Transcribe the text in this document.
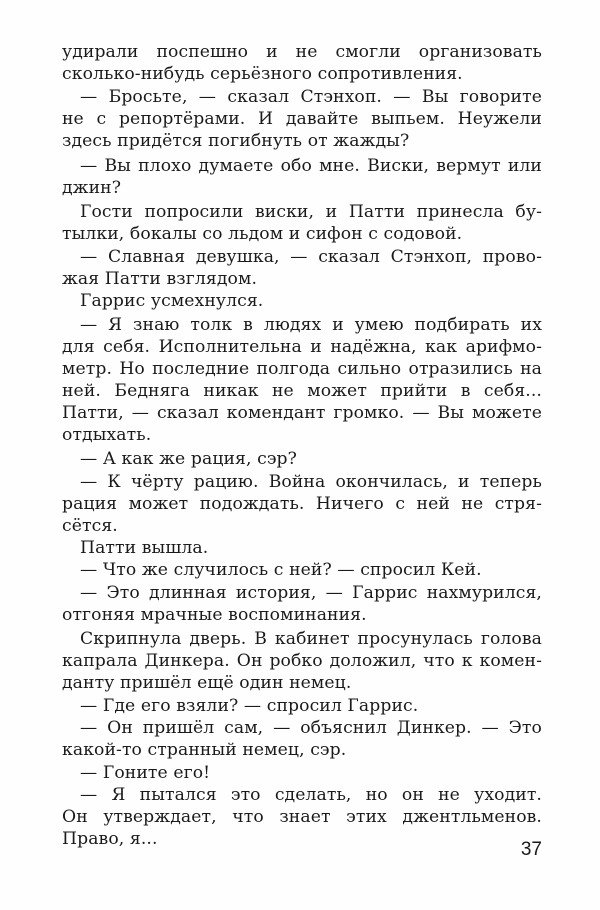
удирали поспешно и не смогли организовать
сколько-нибудь серьёзного сопротивления.
— Бросьте, — сказал Стэнхоп. — Вы говорите
не с репортёрами. И давайте выпьем. Неужели
здесь придётся погибнуть от жажды?
— Вы плохо думаете обо мне. Виски, вермут или
джин?
Гости попросили виски, и Патти принесла бу-
тылки, бокалы со льдом и сифон с содовой.
— Славная девушка, — сказал Стэнхоп, прово-
жая Патти взглядом.
Гаррис усмехнулся.
— Я знаю толк в людях и умею подбирать их
для себя. Исполнительна и надёжна, как арифмо-
метр. Но последние полгода сильно отразились на
ней. Бедняга никак не может прийти в себя...
Патти, — сказал комендант громко. — Вы можете
отдыхать.
— А как же рация, сэр?
— К чёрту рацию. Война окончилась, и теперь
рация может подождать. Ничего с ней не стря-
сётся.
Патти вышла.
— Что же случилось с ней? — спросил Кей.
— Это длинная история, — Гаррис нахмурился,
отгоняя мрачные воспоминания.
Скрипнула дверь. В кабинет просунулась голова
капрала Динкера. Он робко доложил, что к комен-
данту пришёл ещё один немец.
— Где его взяли? — спросил Гаррис.
— Он пришёл сам, — объяснил Динкер. — Это
какой-то странный немец, сэр.
— Гоните его!
— Я пытался это сделать, но он не уходит.
Он утверждает, что знает этих джентльменов.
Право, я...	37
